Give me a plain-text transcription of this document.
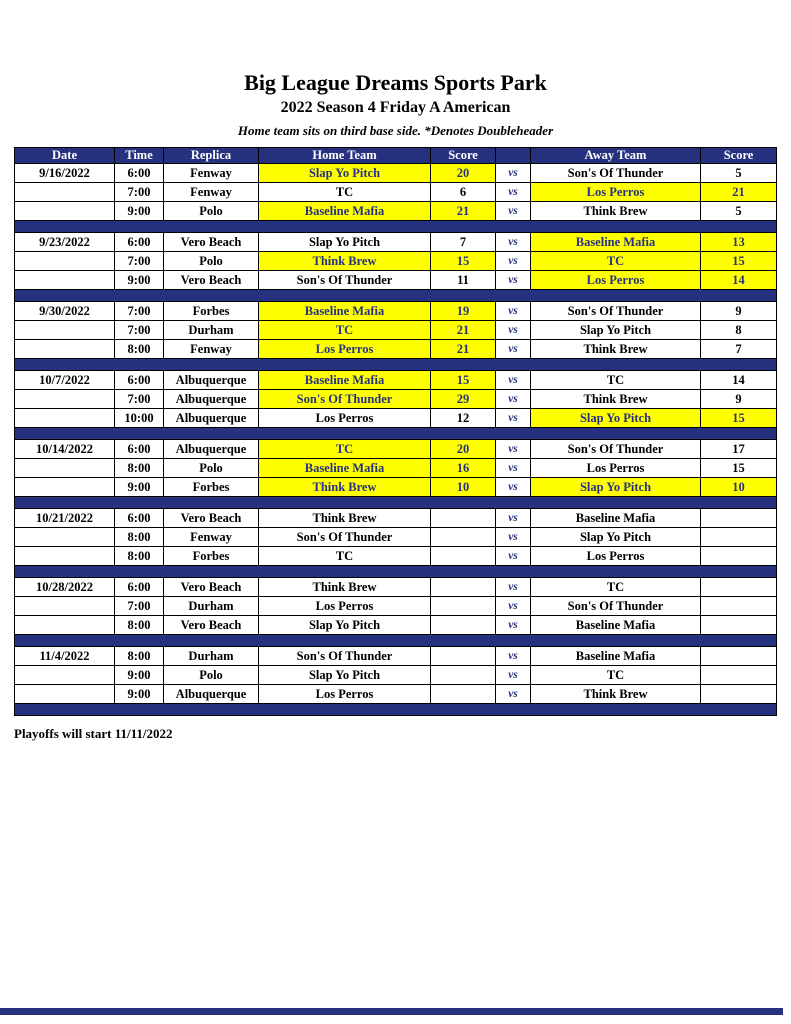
Big League Dreams Sports Park
2022 Season 4 Friday A American
Home team sits on third base side. *Denotes Doubleheader
Date	Time	Replica	Home Team	Score		Away Team	Score
9/16/2022	6:00	Fenway	Slap Yo Pitch	20	vs	Son's Of Thunder	5
	7:00	Fenway	TC	6	vs	Los Perros	21
	9:00	Polo	Baseline Mafia	21	vs	Think Brew	5

9/23/2022	6:00	Vero Beach	Slap Yo Pitch	7	vs	Baseline Mafia	13
	7:00	Polo	Think Brew	15	vs	TC	15
	9:00	Vero Beach	Son's Of Thunder	11	vs	Los Perros	14

9/30/2022	7:00	Forbes	Baseline Mafia	19	vs	Son's Of Thunder	9
	7:00	Durham	TC	21	vs	Slap Yo Pitch	8
	8:00	Fenway	Los Perros	21	vs	Think Brew	7

10/7/2022	6:00	Albuquerque	Baseline Mafia	15	vs	TC	14
	7:00	Albuquerque	Son's Of Thunder	29	vs	Think Brew	9
	10:00	Albuquerque	Los Perros	12	vs	Slap Yo Pitch	15

10/14/2022	6:00	Albuquerque	TC	20	vs	Son's Of Thunder	17
	8:00	Polo	Baseline Mafia	16	vs	Los Perros	15
	9:00	Forbes	Think Brew	10	vs	Slap Yo Pitch	10

10/21/2022	6:00	Vero Beach	Think Brew		vs	Baseline Mafia	
	8:00	Fenway	Son's Of Thunder		vs	Slap Yo Pitch	
	8:00	Forbes	TC		vs	Los Perros	

10/28/2022	6:00	Vero Beach	Think Brew		vs	TC	
	7:00	Durham	Los Perros		vs	Son's Of Thunder	
	8:00	Vero Beach	Slap Yo Pitch		vs	Baseline Mafia	

11/4/2022	8:00	Durham	Son's Of Thunder		vs	Baseline Mafia	
	9:00	Polo	Slap Yo Pitch		vs	TC	
	9:00	Albuquerque	Los Perros		vs	Think Brew	

Playoffs will start 11/11/2022
